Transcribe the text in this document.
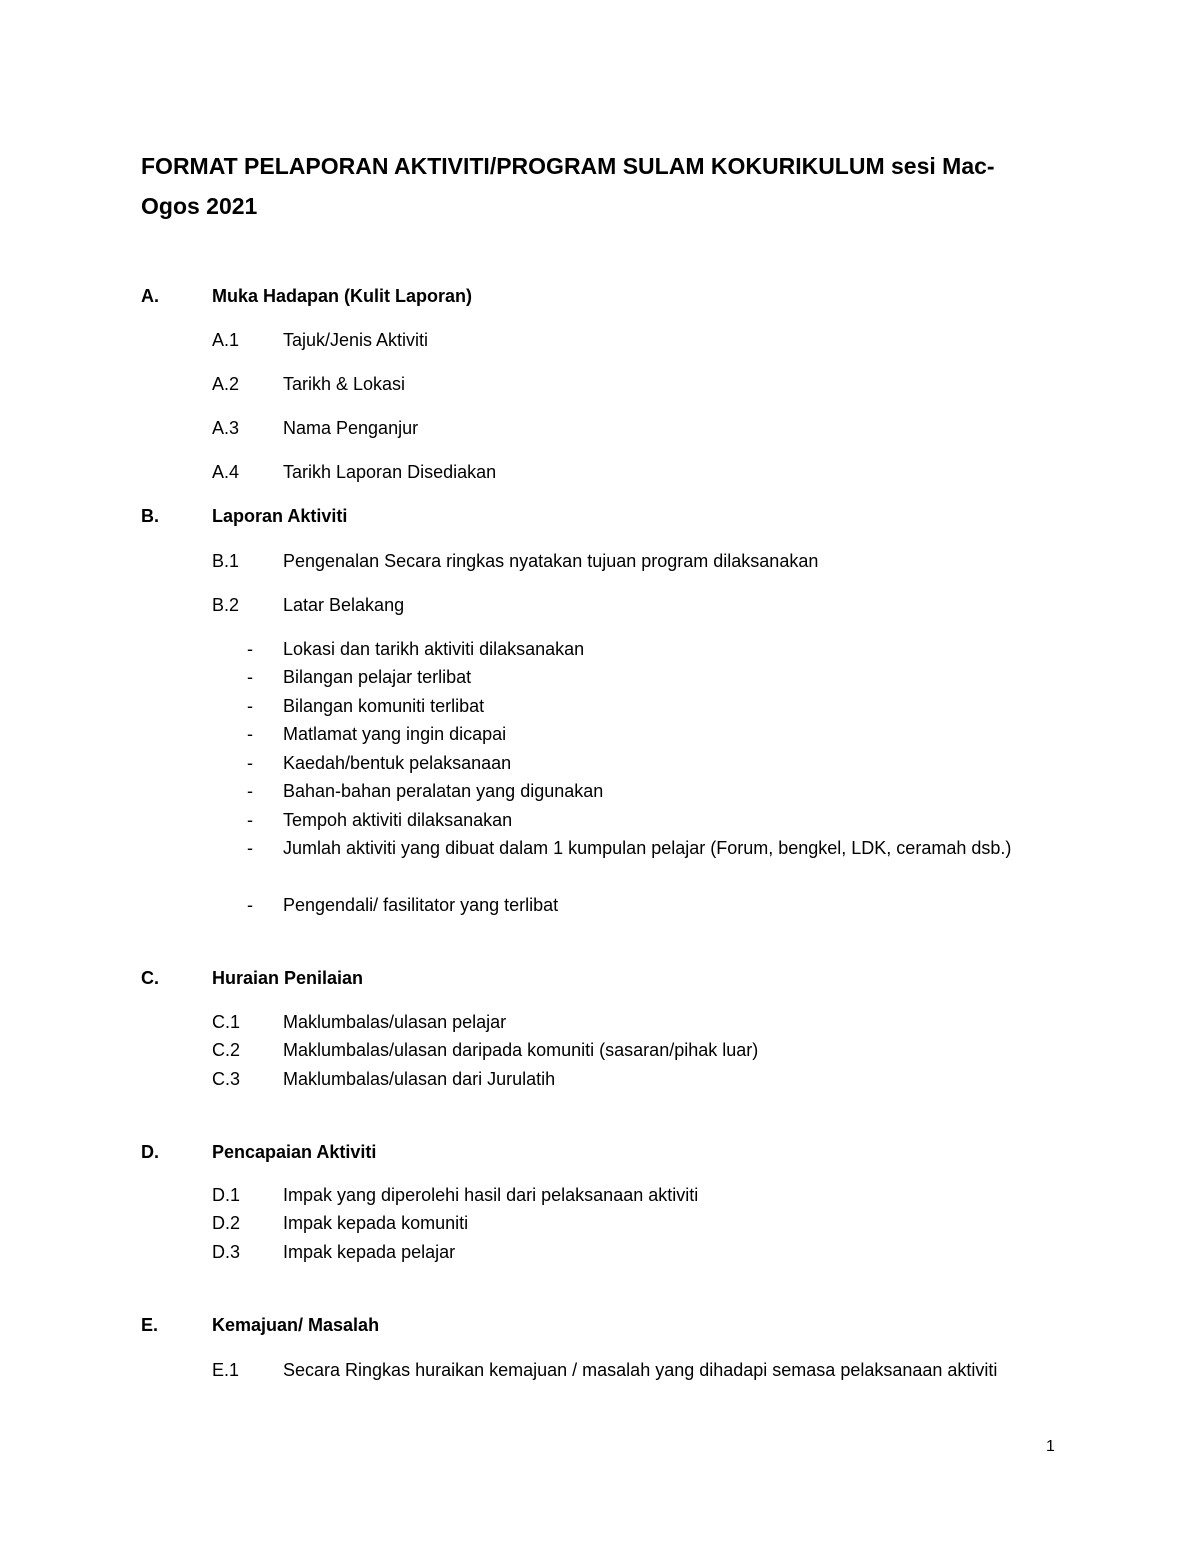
FORMAT PELAPORAN AKTIVITI/PROGRAM SULAM KOKURIKULUM sesi Mac-Ogos 2021
A.	Muka Hadapan (Kulit Laporan)
A.1 Tajuk/Jenis Aktiviti
A.2 Tarikh & Lokasi
A.3 Nama Penganjur
A.4 Tarikh Laporan Disediakan
B.	Laporan Aktiviti
B.1 Pengenalan Secara ringkas nyatakan tujuan program dilaksanakan
B.2 Latar Belakang
- Lokasi dan tarikh aktiviti dilaksanakan
- Bilangan pelajar terlibat
- Bilangan komuniti terlibat
- Matlamat yang ingin dicapai
- Kaedah/bentuk pelaksanaan
- Bahan-bahan peralatan yang digunakan
- Tempoh aktiviti dilaksanakan
- Jumlah aktiviti yang dibuat dalam 1 kumpulan pelajar (Forum, bengkel, LDK, ceramah dsb.)
- Pengendali/ fasilitator yang terlibat
C.	Huraian Penilaian
C.1 Maklumbalas/ulasan pelajar
C.2 Maklumbalas/ulasan daripada komuniti (sasaran/pihak luar)
C.3 Maklumbalas/ulasan dari Jurulatih
D.	Pencapaian Aktiviti
D.1 Impak yang diperolehi hasil dari pelaksanaan aktiviti
D.2 Impak kepada komuniti
D.3 Impak kepada pelajar
E.	Kemajuan/ Masalah
E.1 Secara Ringkas huraikan kemajuan / masalah yang dihadapi semasa pelaksanaan aktiviti
1
